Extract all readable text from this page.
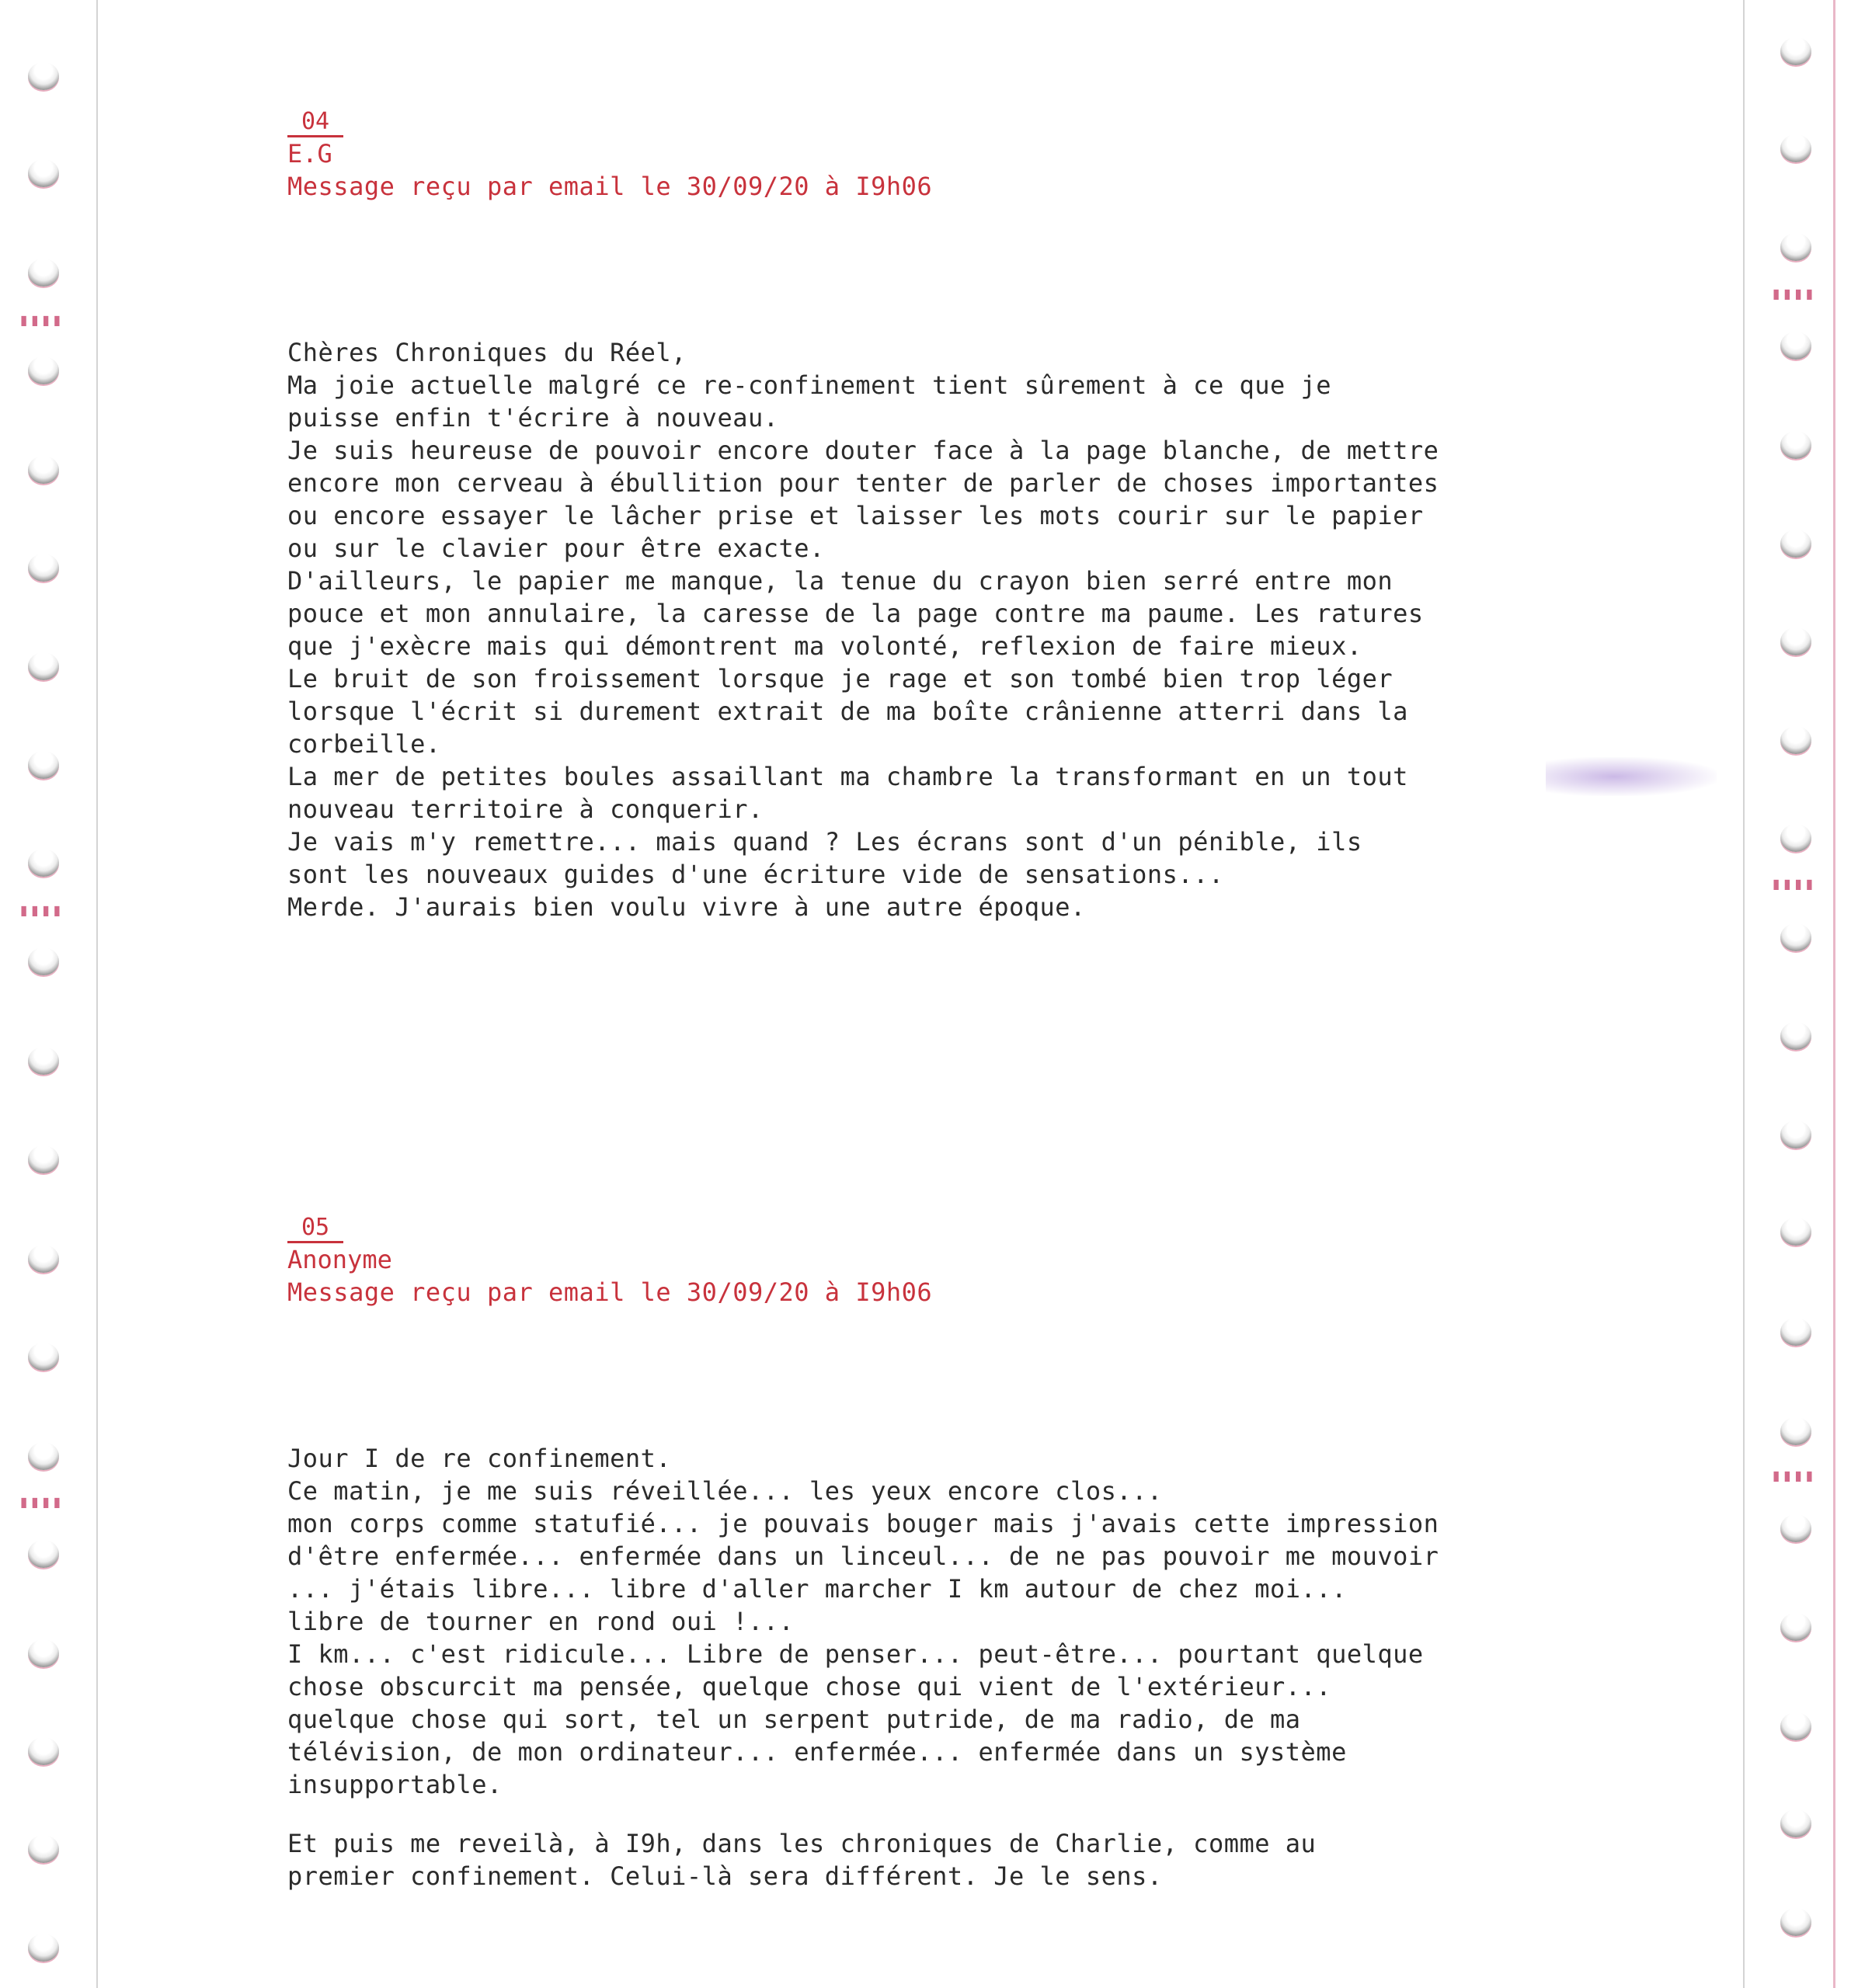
▮▮▮▮
▮▮▮▮
▮▮▮▮
▮▮▮▮
▮▮▮▮
▮▮▮▮
04
E.G
Message reçu par email le 30/09/20 à I9h06
Chères Chroniques du Réel,
Ma joie actuelle malgré ce re-confinement tient sûrement à ce que je
puisse enfin t'écrire à nouveau.
Je suis heureuse de pouvoir encore douter face à la page blanche, de mettre
encore mon cerveau à ébullition pour tenter de parler de choses importantes
ou encore essayer le lâcher prise et laisser les mots courir sur le papier
ou sur le clavier pour être exacte.
D'ailleurs, le papier me manque, la tenue du crayon bien serré entre mon
pouce et mon annulaire, la caresse de la page contre ma paume. Les ratures
que j'exècre mais qui démontrent ma volonté, reflexion de faire mieux.
Le bruit de son froissement lorsque je rage et son tombé bien trop léger
lorsque l'écrit si durement extrait de ma boîte crânienne atterri dans la
corbeille.
La mer de petites boules assaillant ma chambre la transformant en un tout
nouveau territoire à conquerir.
Je vais m'y remettre... mais quand ? Les écrans sont d'un pénible, ils
sont les nouveaux guides d'une écriture vide de sensations...
Merde. J'aurais bien voulu vivre à une autre époque.
05
Anonyme
Message reçu par email le 30/09/20 à I9h06
Jour I de re confinement.
Ce matin, je me suis réveillée... les yeux encore clos...
mon corps comme statufié... je pouvais bouger mais j'avais cette impression
d'être enfermée... enfermée dans un linceul... de ne pas pouvoir me mouvoir
... j'étais libre... libre d'aller marcher I km autour de chez moi...
libre de tourner en rond oui !...
I km... c'est ridicule... Libre de penser... peut-être... pourtant quelque
chose obscurcit ma pensée, quelque chose qui vient de l'extérieur...
quelque chose qui sort, tel un serpent putride, de ma radio, de ma
télévision, de mon ordinateur... enfermée... enfermée dans un système
insupportable.
Et puis me reveilà, à I9h, dans les chroniques de Charlie, comme au
premier confinement. Celui-là sera différent. Je le sens.
